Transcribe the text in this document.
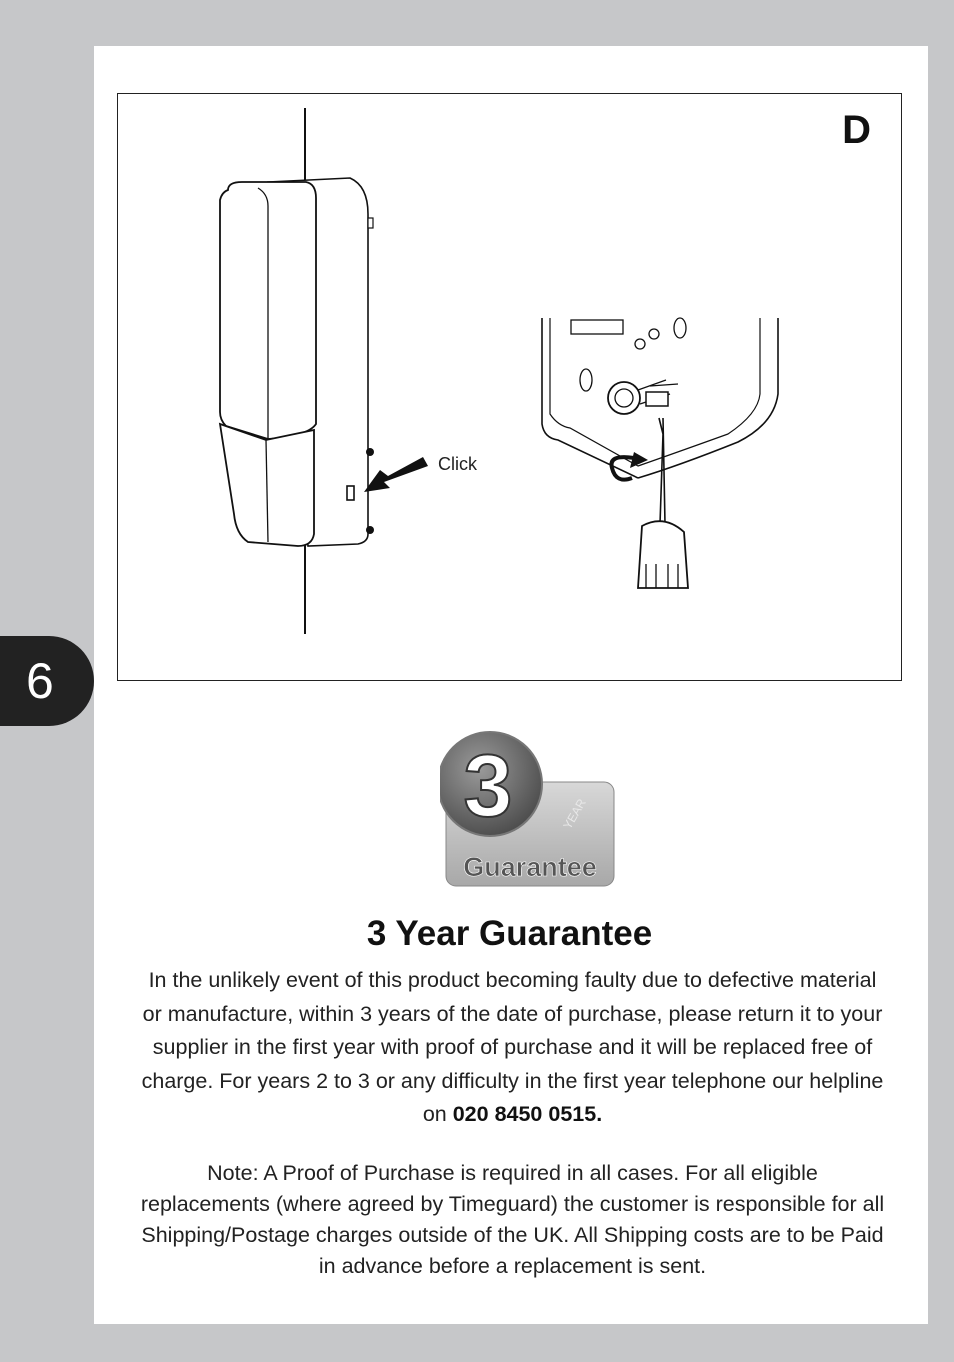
6
D
Click
3	YEAR
Guarantee
3 Year Guarantee
In the unlikely event of this product becoming faulty due to defective material or manufacture, within 3 years of the date of purchase, please return it to your supplier in the first year with proof of purchase and it will be replaced free of charge. For years 2 to 3 or any difficulty in the first year telephone our helpline on 020 8450 0515.
Note: A Proof of Purchase is required in all cases. For all eligible replacements (where agreed by Timeguard) the customer is responsible for all Shipping/Postage charges outside of the UK. All Shipping costs are to be Paid in advance before a replacement is sent.
